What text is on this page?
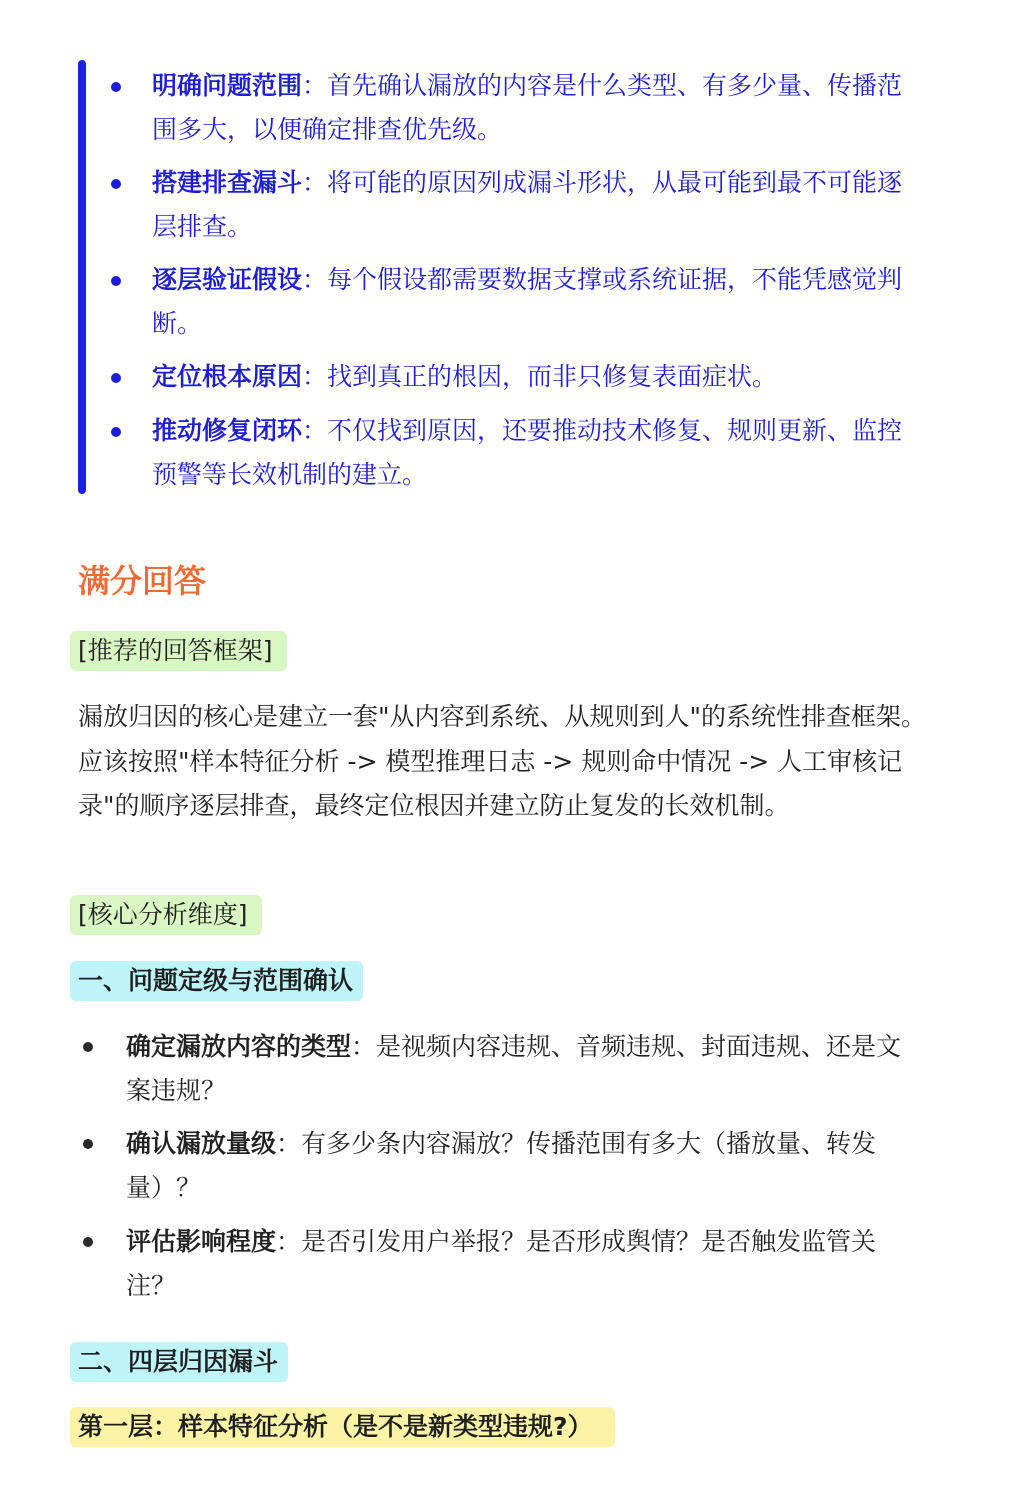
明确问题范围：首先确认漏放的内容是什么类型、有多少量、传播范围多大，以便确定排查优先级。
搭建排查漏斗：将可能的原因列成漏斗形状，从最可能到最不可能逐层排查。
逐层验证假设：每个假设都需要数据支撑或系统证据，不能凭感觉判断。
定位根本原因：找到真正的根因，而非只修复表面症状。
推动修复闭环：不仅找到原因，还要推动技术修复、规则更新、监控预警等长效机制的建立。
满分回答
[推荐的回答框架]
漏放归因的核心是建立一套"从内容到系统、从规则到人"的系统性排查框架。应该按照"样本特征分析 -> 模型推理日志 -> 规则命中情况 -> 人工审核记录"的顺序逐层排查，最终定位根因并建立防止复发的长效机制。
[核心分析维度]
一、问题定级与范围确认
确定漏放内容的类型：是视频内容违规、音频违规、封面违规、还是文案违规？
确认漏放量级：有多少条内容漏放？传播范围有多大（播放量、转发量）？
评估影响程度：是否引发用户举报？是否形成舆情？是否触发监管关注？
二、四层归因漏斗
第一层：样本特征分析（是不是新类型违规?）
